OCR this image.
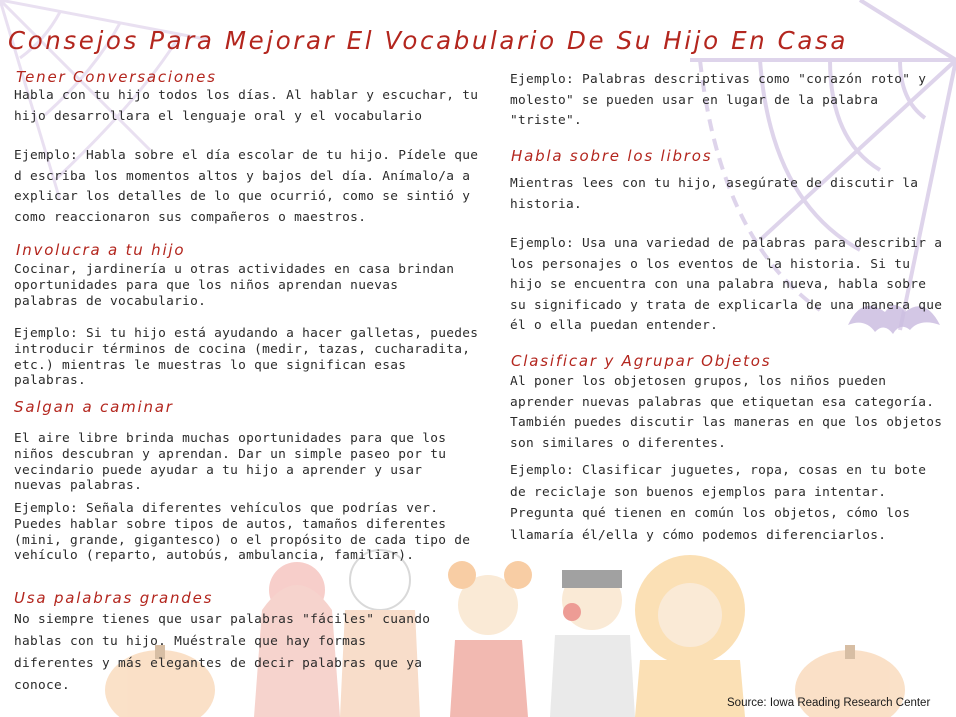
Consejos Para Mejorar El Vocabulario De Su Hijo En Casa
Tener Conversaciones

Habla con tu hijo todos los días. Al hablar y escuchar, tu hijo desarrollara el lenguaje oral y el vocabulario

Ejemplo: Habla sobre el día escolar de tu hijo. Pídele que d escriba los momentos altos y bajos del día. Anímalo/a a explicar los detalles de lo que ocurrió, como se sintió y como reaccionaron sus compañeros o maestros.

Involucra a tu hijo

Cocinar, jardinería u otras actividades en casa brindan oportunidades para que los niños aprendan nuevas palabras de vocabulario.

Ejemplo: Si tu hijo está ayudando a hacer galletas, puedes introducir términos de cocina (medir, tazas, cucharadita, etc.) mientras le muestras lo que significan esas palabras.

Salgan a caminar

El aire libre brinda muchas oportunidades para que los niños descubran y aprendan. Dar un simple paseo por tu vecindario puede ayudar a tu hijo a aprender y usar nuevas palabras.

Ejemplo: Señala diferentes vehículos que podrías ver. Puedes hablar sobre tipos de autos, tamaños diferentes (mini, grande, gigantesco) o el propósito de cada tipo de vehículo (reparto, autobús, ambulancia, familiar).

Usa palabras grandes

No siempre tienes que usar palabras "fáciles" cuando hablas con tu hijo. Muéstrale que hay formas diferentes y más elegantes de decir palabras que ya conoce.

Ejemplo: Palabras descriptivas como "corazón roto" y molesto" se pueden usar en lugar de la palabra "triste".

Habla sobre los libros

Mientras lees con tu hijo, asegúrate de discutir la historia.

Ejemplo: Usa una variedad de palabras para describir a los personajes o los eventos de la historia. Si tu hijo se encuentra con una palabra nueva, habla sobre su significado y trata de explicarla de una manera que él o ella puedan entender.

Clasificar y Agrupar Objetos

Al poner los objetosen grupos, los niños pueden aprender nuevas palabras que etiquetan esa categoría. También puedes discutir las maneras en que los objetos son similares o diferentes.

Ejemplo: Clasificar juguetes, ropa, cosas en tu bote de reciclaje son buenos ejemplos para intentar. Pregunta qué tienen en común los objetos, cómo los llamaría él/ella y cómo podemos diferenciarlos.

Source: Iowa Reading Research Center
